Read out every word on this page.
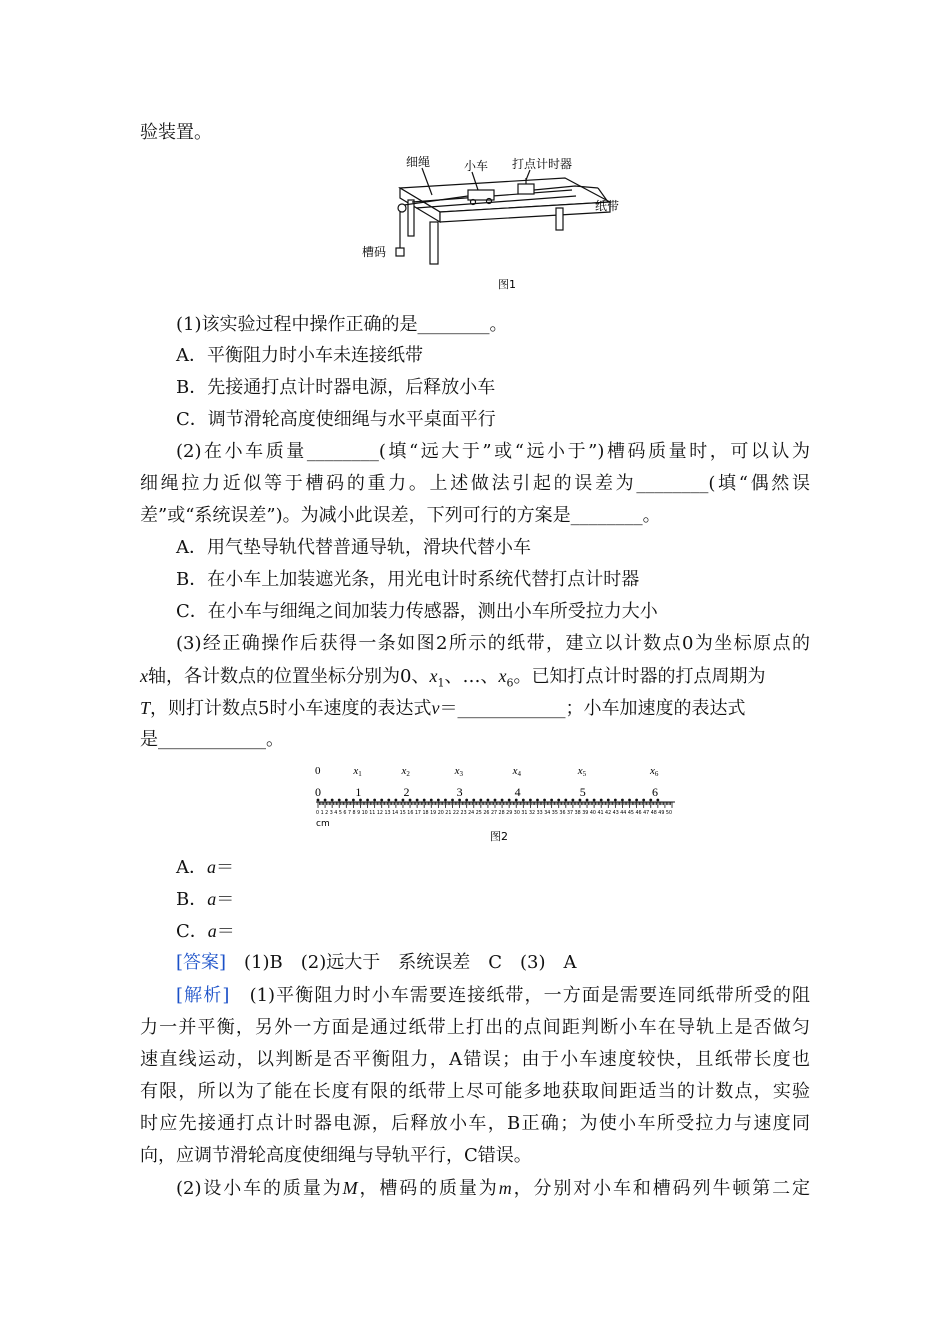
验装置。
细绳	小车 打点计时器
纸带
槽码
图1
(1)该实验过程中操作正确的是________。
A．平衡阻力时小车未连接纸带
B．先接通打点计时器电源，后释放小车
C．调节滑轮高度使细绳与水平桌面平行
(2)在小车质量________(填“远大于”或“远小于”)槽码质量时，可以认为
细绳拉力近似等于槽码的重力。上述做法引起的误差为________(填“偶然误
差”或“系统误差”)。为减小此误差，下列可行的方案是________。
A．用气垫导轨代替普通导轨，滑块代替小车
B．在小车上加装遮光条，用光电计时系统代替打点计时器
C．在小车与细绳之间加装力传感器，测出小车所受拉力大小
(3)经正确操作后获得一条如图2所示的纸带，建立以计数点0为坐标原点的
x轴，各计数点的位置坐标分别为0、$x_1$、…、$x_6$。已知打点计时器的打点周期为
T，则打计数点5时小车速度的表达式v＝____________；小车加速度的表达式
是____________。
0	x1	x2	x3	x4	x5	x6
0	1	2	3	4	5	6
0 1 2 3 4 5 6 7 8 9 10 11 12 13 14 15 16 17 18 19 20 21 22 23 24 25 26 27 28 29 30 31 32 33 34 35 36 37 38 39 40 41 42 43 44 45 46 47 48 49 50
cm
图2
A．a＝
B．a＝
C．a＝
[答案]　(1)B　(2)远大于　系统误差　C　(3)　A
[解析]　(1)平衡阻力时小车需要连接纸带，一方面是需要连同纸带所受的阻
力一并平衡，另外一方面是通过纸带上打出的点间距判断小车在导轨上是否做匀
速直线运动，以判断是否平衡阻力，A错误；由于小车速度较快，且纸带长度也
有限，所以为了能在长度有限的纸带上尽可能多地获取间距适当的计数点，实验
时应先接通打点计时器电源，后释放小车，B正确；为使小车所受拉力与速度同
向，应调节滑轮高度使细绳与导轨平行，C错误。
(2)设小车的质量为M，槽码的质量为m，分别对小车和槽码列牛顿第二定
